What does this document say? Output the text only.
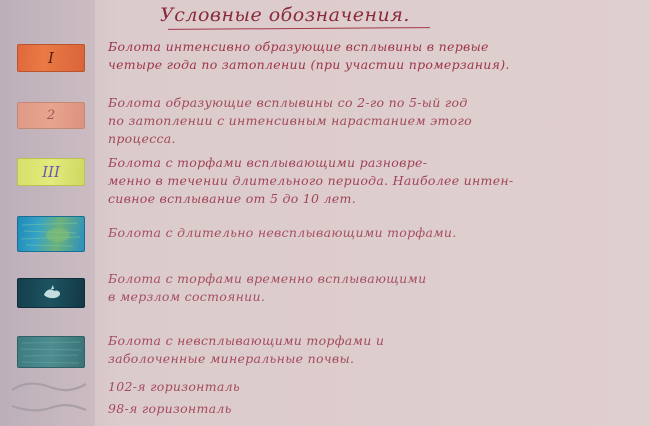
Условные обозначения.
I
2
III
Болота интенсивно образующие всплывины в первые
четыре года по затоплении (при участии промерзания).
Болота образующие всплывины со 2-го по 5-ый год
по затоплении с интенсивным нарастанием этого
процесса.
Болота с торфами всплывающими разновре-
менно в течении длительного периода. Наиболее интен-
сивное всплывание от 5 до 10 лет.
Болота с длительно невсплывающими торфами.
Болота с торфами временно всплывающими
в мерзлом состоянии.
Болота с невсплывающими торфами и
заболоченные минеральные почвы.
102-я горизонталь
98-я горизонталь
